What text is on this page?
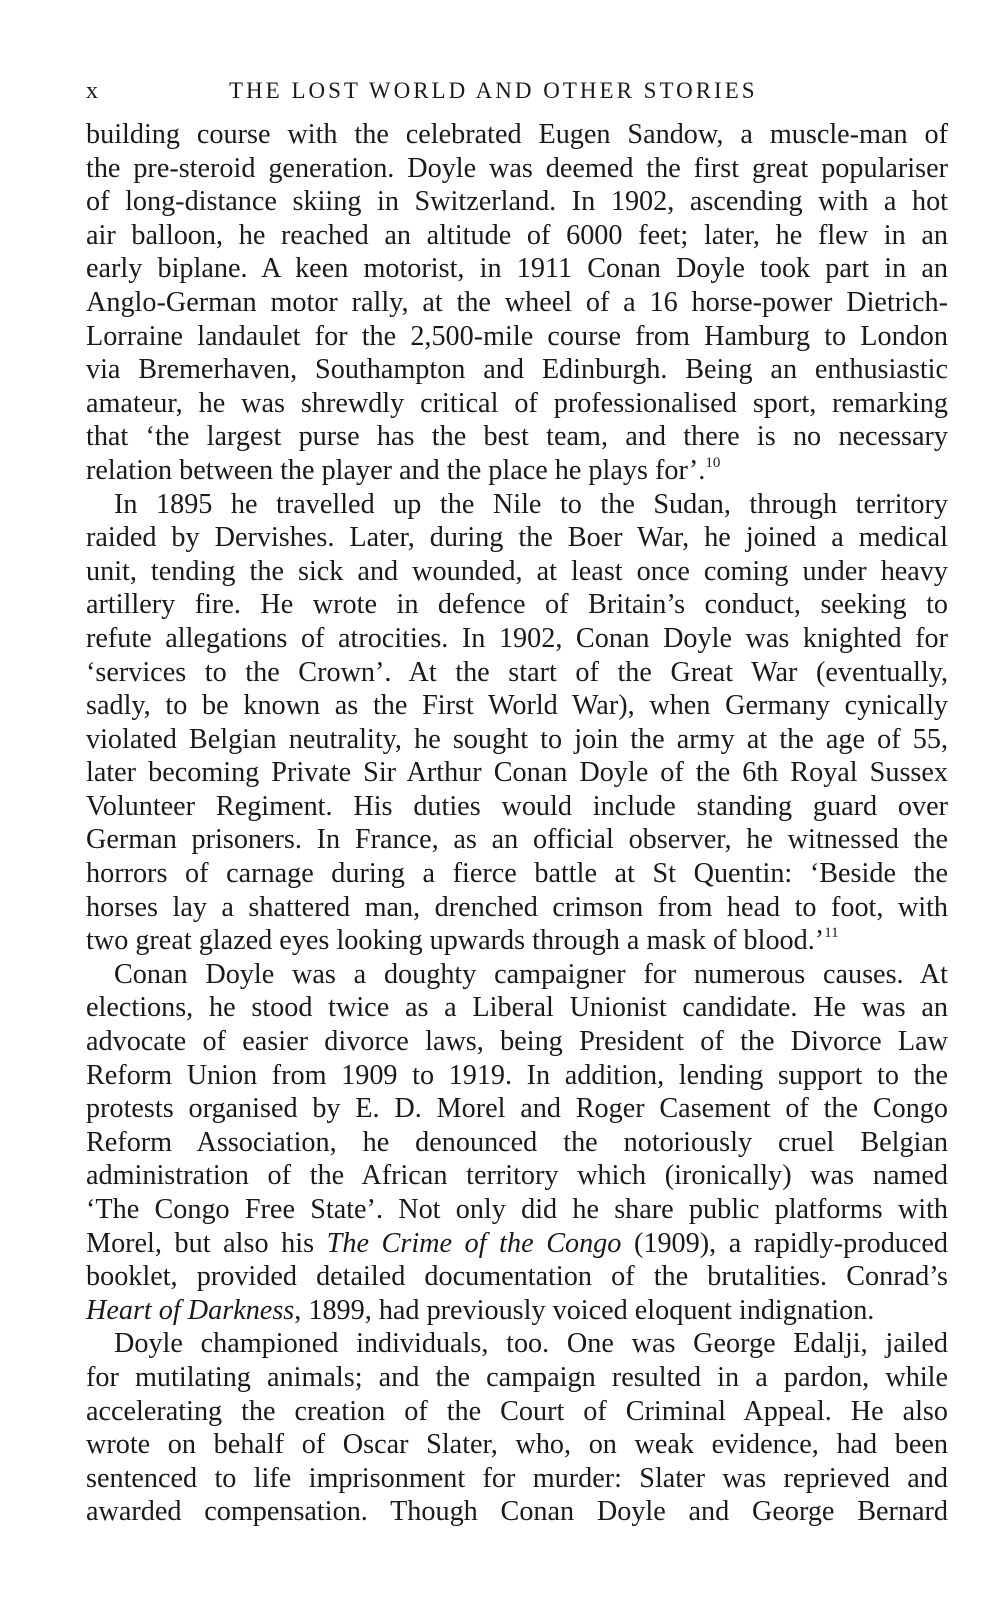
x	THE LOST WORLD AND OTHER STORIES
building course with the celebrated Eugen Sandow, a muscle-man of
the pre-steroid generation. Doyle was deemed the first great populariser
of long-distance skiing in Switzerland. In 1902, ascending with a hot
air balloon, he reached an altitude of 6000 feet; later, he flew in an
early biplane. A keen motorist, in 1911 Conan Doyle took part in an
Anglo-German motor rally, at the wheel of a 16 horse-power Dietrich-
Lorraine landaulet for the 2,500-mile course from Hamburg to London
via Bremerhaven, Southampton and Edinburgh. Being an enthusiastic
amateur, he was shrewdly critical of professionalised sport, remarking
that ‘the largest purse has the best team, and there is no necessary
relation between the player and the place he plays for’.$^{10}$
In 1895 he travelled up the Nile to the Sudan, through territory
raided by Dervishes. Later, during the Boer War, he joined a medical
unit, tending the sick and wounded, at least once coming under heavy
artillery fire. He wrote in defence of Britain’s conduct, seeking to
refute allegations of atrocities. In 1902, Conan Doyle was knighted for
‘services to the Crown’. At the start of the Great War (eventually,
sadly, to be known as the First World War), when Germany cynically
violated Belgian neutrality, he sought to join the army at the age of 55,
later becoming Private Sir Arthur Conan Doyle of the 6th Royal Sussex
Volunteer Regiment. His duties would include standing guard over
German prisoners. In France, as an official observer, he witnessed the
horrors of carnage during a fierce battle at St Quentin: ‘Beside the
horses lay a shattered man, drenched crimson from head to foot, with
two great glazed eyes looking upwards through a mask of blood.’$^{11}$
Conan Doyle was a doughty campaigner for numerous causes. At
elections, he stood twice as a Liberal Unionist candidate. He was an
advocate of easier divorce laws, being President of the Divorce Law
Reform Union from 1909 to 1919. In addition, lending support to the
protests organised by E. D. Morel and Roger Casement of the Congo
Reform Association, he denounced the notoriously cruel Belgian
administration of the African territory which (ironically) was named
‘The Congo Free State’. Not only did he share public platforms with
Morel, but also his The Crime of the Congo (1909), a rapidly-produced
booklet, provided detailed documentation of the brutalities. Conrad’s
Heart of Darkness, 1899, had previously voiced eloquent indignation.
Doyle championed individuals, too. One was George Edalji, jailed
for mutilating animals; and the campaign resulted in a pardon, while
accelerating the creation of the Court of Criminal Appeal. He also
wrote on behalf of Oscar Slater, who, on weak evidence, had been
sentenced to life imprisonment for murder: Slater was reprieved and
awarded compensation. Though Conan Doyle and George Bernard
